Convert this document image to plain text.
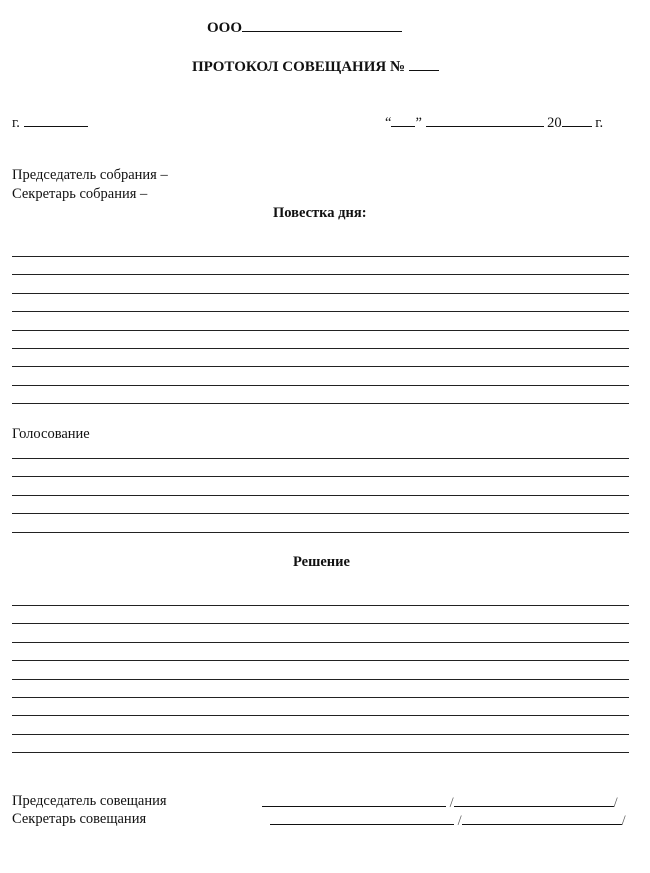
ООО
ПРОТОКОЛ СОВЕЩАНИЯ №
г.	“ ”	20 г.
Председатель собрания –
Секретарь собрания –
Повестка дня:
Голосование
Решение
Председатель совещания	/	/
Секретарь совещания	/	/
